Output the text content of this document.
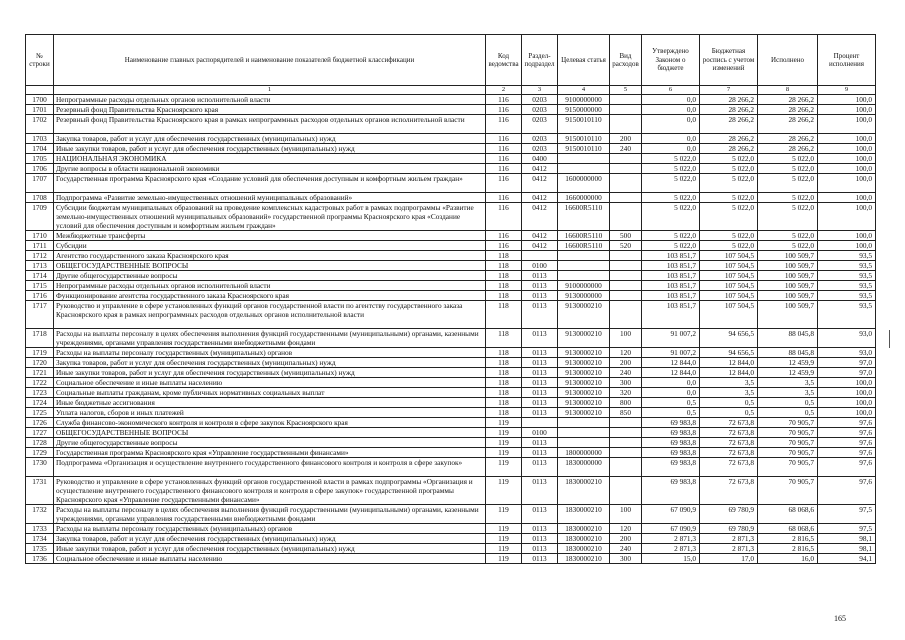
№ строки	Наименование главных распорядителей и наименование показателей бюджетной классификации	Код ведомства	Раздел-подраздел	Целевая статья	Вид расходов	Утверждено Законом о бюджете	Бюджетная роспись с учетом изменений	Исполнено	Процент исполнения
	1	2	3	4	5	6	7	8	9
1700	Непрограммные расходы отдельных органов исполнительной власти	116	0203	9100000000		0,0	28 266,2	28 266,2	100,0
1701	Резервный фонд Правительства Красноярского края	116	0203	9150000000		0,0	28 266,2	28 266,2	100,0
1702	Резервный фонд Правительства Красноярского края в рамках непрограммных расходов отдельных органов исполнительной власти	116	0203	9150010110		0,0	28 266,2	28 266,2	100,0
1703	Закупка товаров, работ и услуг для обеспечения государственных (муниципальных) нужд	116	0203	9150010110	200	0,0	28 266,2	28 266,2	100,0
1704	Иные закупки товаров, работ и услуг для обеспечения государственных (муниципальных) нужд	116	0203	9150010110	240	0,0	28 266,2	28 266,2	100,0
1705	НАЦИОНАЛЬНАЯ ЭКОНОМИКА	116	0400			5 022,0	5 022,0	5 022,0	100,0
1706	Другие вопросы в области национальной экономики	116	0412			5 022,0	5 022,0	5 022,0	100,0
1707	Государственная программа Красноярского края «Создание условий для обеспечения доступным и комфортным жильем граждан»	116	0412	1600000000		5 022,0	5 022,0	5 022,0	100,0
1708	Подпрограмма «Развитие земельно-имущественных отношений муниципальных образований»	116	0412	1660000000		5 022,0	5 022,0	5 022,0	100,0
1709	Субсидии бюджетам муниципальных образований на проведение комплексных кадастровых работ в рамках подпрограммы «Развитие земельно-имущественных отношений муниципальных образований» государственной программы Красноярского края «Создание условий для обеспечения доступным и комфортным жильем граждан»	116	0412	16600R5110		5 022,0	5 022,0	5 022,0	100,0
1710	Межбюджетные трансферты	116	0412	16600R5110	500	5 022,0	5 022,0	5 022,0	100,0
1711	Субсидии	116	0412	16600R5110	520	5 022,0	5 022,0	5 022,0	100,0
1712	Агентство государственного заказа Красноярского края	118				103 851,7	107 504,5	100 509,7	93,5
1713	ОБЩЕГОСУДАРСТВЕННЫЕ ВОПРОСЫ	118	0100			103 851,7	107 504,5	100 509,7	93,5
1714	Другие общегосударственные вопросы	118	0113			103 851,7	107 504,5	100 509,7	93,5
1715	Непрограммные расходы отдельных органов исполнительной власти	118	0113	9100000000		103 851,7	107 504,5	100 509,7	93,5
1716	Функционирование агентства государственного заказа Красноярского края	118	0113	9130000000		103 851,7	107 504,5	100 509,7	93,5
1717	Руководство и управление в сфере установленных функций органов государственной власти по агентству государственного заказа Красноярского края в рамках непрограммных расходов отдельных органов исполнительной власти	118	0113	9130000210		103 851,7	107 504,5	100 509,7	93,5
1718	Расходы на выплаты персоналу в целях обеспечения выполнения функций государственными (муниципальными) органами, казенными учреждениями, органами управления государственными внебюджетными фондами	118	0113	9130000210	100	91 007,2	94 656,5	88 045,8	93,0
1719	Расходы на выплаты персоналу государственных (муниципальных) органов	118	0113	9130000210	120	91 007,2	94 656,5	88 045,8	93,0
1720	Закупка товаров, работ и услуг для обеспечения государственных (муниципальных) нужд	118	0113	9130000210	200	12 844,0	12 844,0	12 459,9	97,0
1721	Иные закупки товаров, работ и услуг для обеспечения государственных (муниципальных) нужд	118	0113	9130000210	240	12 844,0	12 844,0	12 459,9	97,0
1722	Социальное обеспечение и иные выплаты населению	118	0113	9130000210	300	0,0	3,5	3,5	100,0
1723	Социальные выплаты гражданам, кроме публичных нормативных социальных выплат	118	0113	9130000210	320	0,0	3,5	3,5	100,0
1724	Иные бюджетные ассигнования	118	0113	9130000210	800	0,5	0,5	0,5	100,0
1725	Уплата налогов, сборов и иных платежей	118	0113	9130000210	850	0,5	0,5	0,5	100,0
1726	Служба финансово-экономического контроля и контроля в сфере закупок Красноярского края	119				69 983,8	72 673,8	70 905,7	97,6
1727	ОБЩЕГОСУДАРСТВЕННЫЕ ВОПРОСЫ	119	0100			69 983,8	72 673,8	70 905,7	97,6
1728	Другие общегосударственные вопросы	119	0113			69 983,8	72 673,8	70 905,7	97,6
1729	Государственная программа Красноярского края «Управление государственными финансами»	119	0113	1800000000		69 983,8	72 673,8	70 905,7	97,6
1730	Подпрограмма «Организация и осуществление внутреннего государственного финансового контроля и контроля в сфере закупок»	119	0113	1830000000		69 983,8	72 673,8	70 905,7	97,6
1731	Руководство и управление в сфере установленных функций органов государственной власти в рамках подпрограммы «Организация и осуществление внутреннего государственного финансового контроля и контроля в сфере закупок» государственной программы Красноярского края «Управление государственными финансами»	119	0113	1830000210		69 983,8	72 673,8	70 905,7	97,6
1732	Расходы на выплаты персоналу в целях обеспечения выполнения функций государственными (муниципальными) органами, казенными учреждениями, органами управления государственными внебюджетными фондами	119	0113	1830000210	100	67 090,9	69 780,9	68 068,6	97,5
1733	Расходы на выплаты персоналу государственных (муниципальных) органов	119	0113	1830000210	120	67 090,9	69 780,9	68 068,6	97,5
1734	Закупка товаров, работ и услуг для обеспечения государственных (муниципальных) нужд	119	0113	1830000210	200	2 871,3	2 871,3	2 816,5	98,1
1735	Иные закупки товаров, работ и услуг для обеспечения государственных (муниципальных) нужд	119	0113	1830000210	240	2 871,3	2 871,3	2 816,5	98,1
1736	Социальное обеспечение и иные выплаты населению	119	0113	1830000210	300	15,0	17,0	16,0	94,1
165
